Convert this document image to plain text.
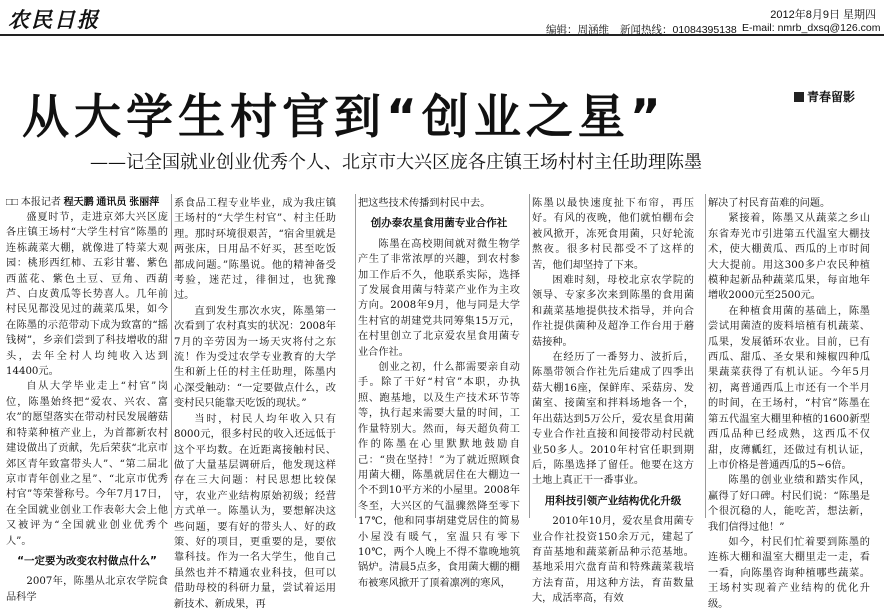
农民日报	2012年8月9日 星期四
编辑：周涵维 新闻热线：01084395138 E-mail: nmrb_dxsq@126.com
从大学生村官到“创业之星”	青春留影
——记全国就业创业优秀个人、北京市大兴区庞各庄镇王场村村主任助理陈墨
□□ 本报记者 程天鹏 通讯员 张丽萍

盛夏时节，走进京郊大兴区庞各庄镇王场村“大学生村官”陈墨的连栋蔬菜大棚，就像进了特菜大观园：桃形西红柿、五彩甘薯、紫色西蓝花、紫色土豆、豆角、西葫芦、白皮黄瓜等长势喜人。几年前村民见都没见过的蔬菜瓜果，如今在陈墨的示范带动下成为致富的“摇钱树”，乡亲们尝到了科技增收的甜头，去年全村人均纯收入达到14400元。

自从大学毕业走上“村官”岗位，陈墨始终把“爱农、兴农、富农”的愿望落实在带动村民发展蘑菇和特菜种植产业上，为首都新农村建设做出了贡献，先后荣获“北京市郊区青年致富带头人”、“第二届北京市青年创业之星”、“北京市优秀村官”等荣誉称号。今年7月17日，在全国就业创业工作表彰大会上他又被评为“全国就业创业优秀个人”。

“一定要为改变农村做点什么”

2007年，陈墨从北京农学院食品科学

系食品工程专业毕业，成为我庄镇王场村的“大学生村官”、村主任助理。那时环境很艰苦，“宿舍里就是两张床，日用品不好买，甚至吃饭都成问题。”陈墨说。他的精神备受考验，迷茫过，徘徊过，也犹豫过。

直到发生那次水灾，陈墨第一次看到了农村真实的状况：2008年7月的辛劳因为一场天灾将付之东流！作为受过农学专业教育的大学生和新上任的村主任助理，陈墨内心深受触动：“一定要做点什么，改变村民只能靠天吃饭的现状。”

当时，村民人均年收入只有8000元，很多村民的收入还远低于这个平均数。在近距离接触村民、做了大量基层调研后，他发现这样存在三大问题：村民思想比较保守，农业产业结构原始初级；经营方式单一。陈墨认为，要想解决这些问题，要有好的带头人、好的政策、好的项目，更重要的是，要依靠科技。作为一名大学生，他自己虽然也并不精通农业科技，但可以借助母校的科研力量，尝试着运用新技术、新成果，再

把这些技术传播到村民中去。

创办泰农星食用菌专业合作社

陈墨在高校期间就对微生物学产生了非常浓厚的兴趣，到农村参加工作后不久，他联系实际，选择了发展食用菌与特菜产业作为主攻方向。2008年9月，他与同是大学生村官的胡建党共同筹集15万元，在村里创立了北京爱农星食用菌专业合作社。

创业之初，什么都需要亲自动手。除了干好“村官”本职，办执照、跑基地，以及生产技术环节等等，执行起来需要大量的时间，工作量特别大。然而，每天超负荷工作的陈墨在心里默默地鼓励自己：“贵在坚持！”为了就近照顾食用菌大棚，陈墨就居住在大棚边一个不到10平方米的小屋里。2008年冬至，大兴区的气温骤然降至零下17℃，他和同事胡建党居住的简易小屋没有暖气，室温只有零下10℃，两个人晚上不得不靠晚地筑锅炉。清晨5点多，食用菌大棚的棚布被寒风掀开了顶着凛冽的寒风，

陈墨以最快速度扯下布帘，再压好。有风的夜晚，他们就怕棚布会被风掀开，冻死食用菌，只好轮流熬夜。很多村民都受不了这样的苦，他们却坚持了下来。

困难时刻，母校北京农学院的领导、专家多次来到陈墨的食用菌和蔬菜基地提供技术指导，并向合作社提供菌种及超净工作台用于蘑菇接种。

在经历了一番努力、波折后，陈墨带领合作社先后建成了四季出菇大棚16座，保鲜库、采菇房、发菌室、接菌室和拌料场地各一个，年出菇达到5万公斤，爱农星食用菌专业合作社直接和间接带动村民就业50多人。2010年村官任职到期后，陈墨选择了留任。他要在这方土地上真正干一番事业。

用科技引领产业结构优化升级

2010年10月，爱农星食用菌专业合作社投资150余万元，建起了育苗基地和蔬菜新品种示范基地。基地采用穴盘育苗和特殊蔬菜栽培方法育苗，用这种方法，育苗数量大，成活率高，有效

解决了村民育苗难的问题。

紧接着，陈墨又从蔬菜之乡山东省寿光市引进第五代温室大棚技术，使大棚黄瓜、西瓜的上市时间大大提前。用这300多户农民种植模种起新品种蔬菜瓜果，每亩地年增收2000元至2500元。

在种植食用菌的基础上，陈墨尝试用菌渣的废料培植有机蔬菜、瓜果，发展循环农业。目前，已有西瓜、甜瓜、圣女果和辣椒四种瓜果蔬菜获得了有机认证。今年5月初，离普通西瓜上市还有一个半月的时间，在王场村，“村官”陈墨在第五代温室大棚里种植的1600新型西瓜品种已经成熟，这西瓜不仅甜，皮薄瓤红，还做过有机认证，上市价格是普通西瓜的5~6倍。

陈墨的创业业绩和踏实作风，赢得了好口碑。村民们说：“陈墨是个很沉稳的人，能吃苦，想法新，我们信得过他！”

如今，村民们忙着要到陈墨的连栋大棚和温室大棚里走一走，看一看，向陈墨咨询种植哪些蔬菜。王场村实现着产业结构的优化升级。
